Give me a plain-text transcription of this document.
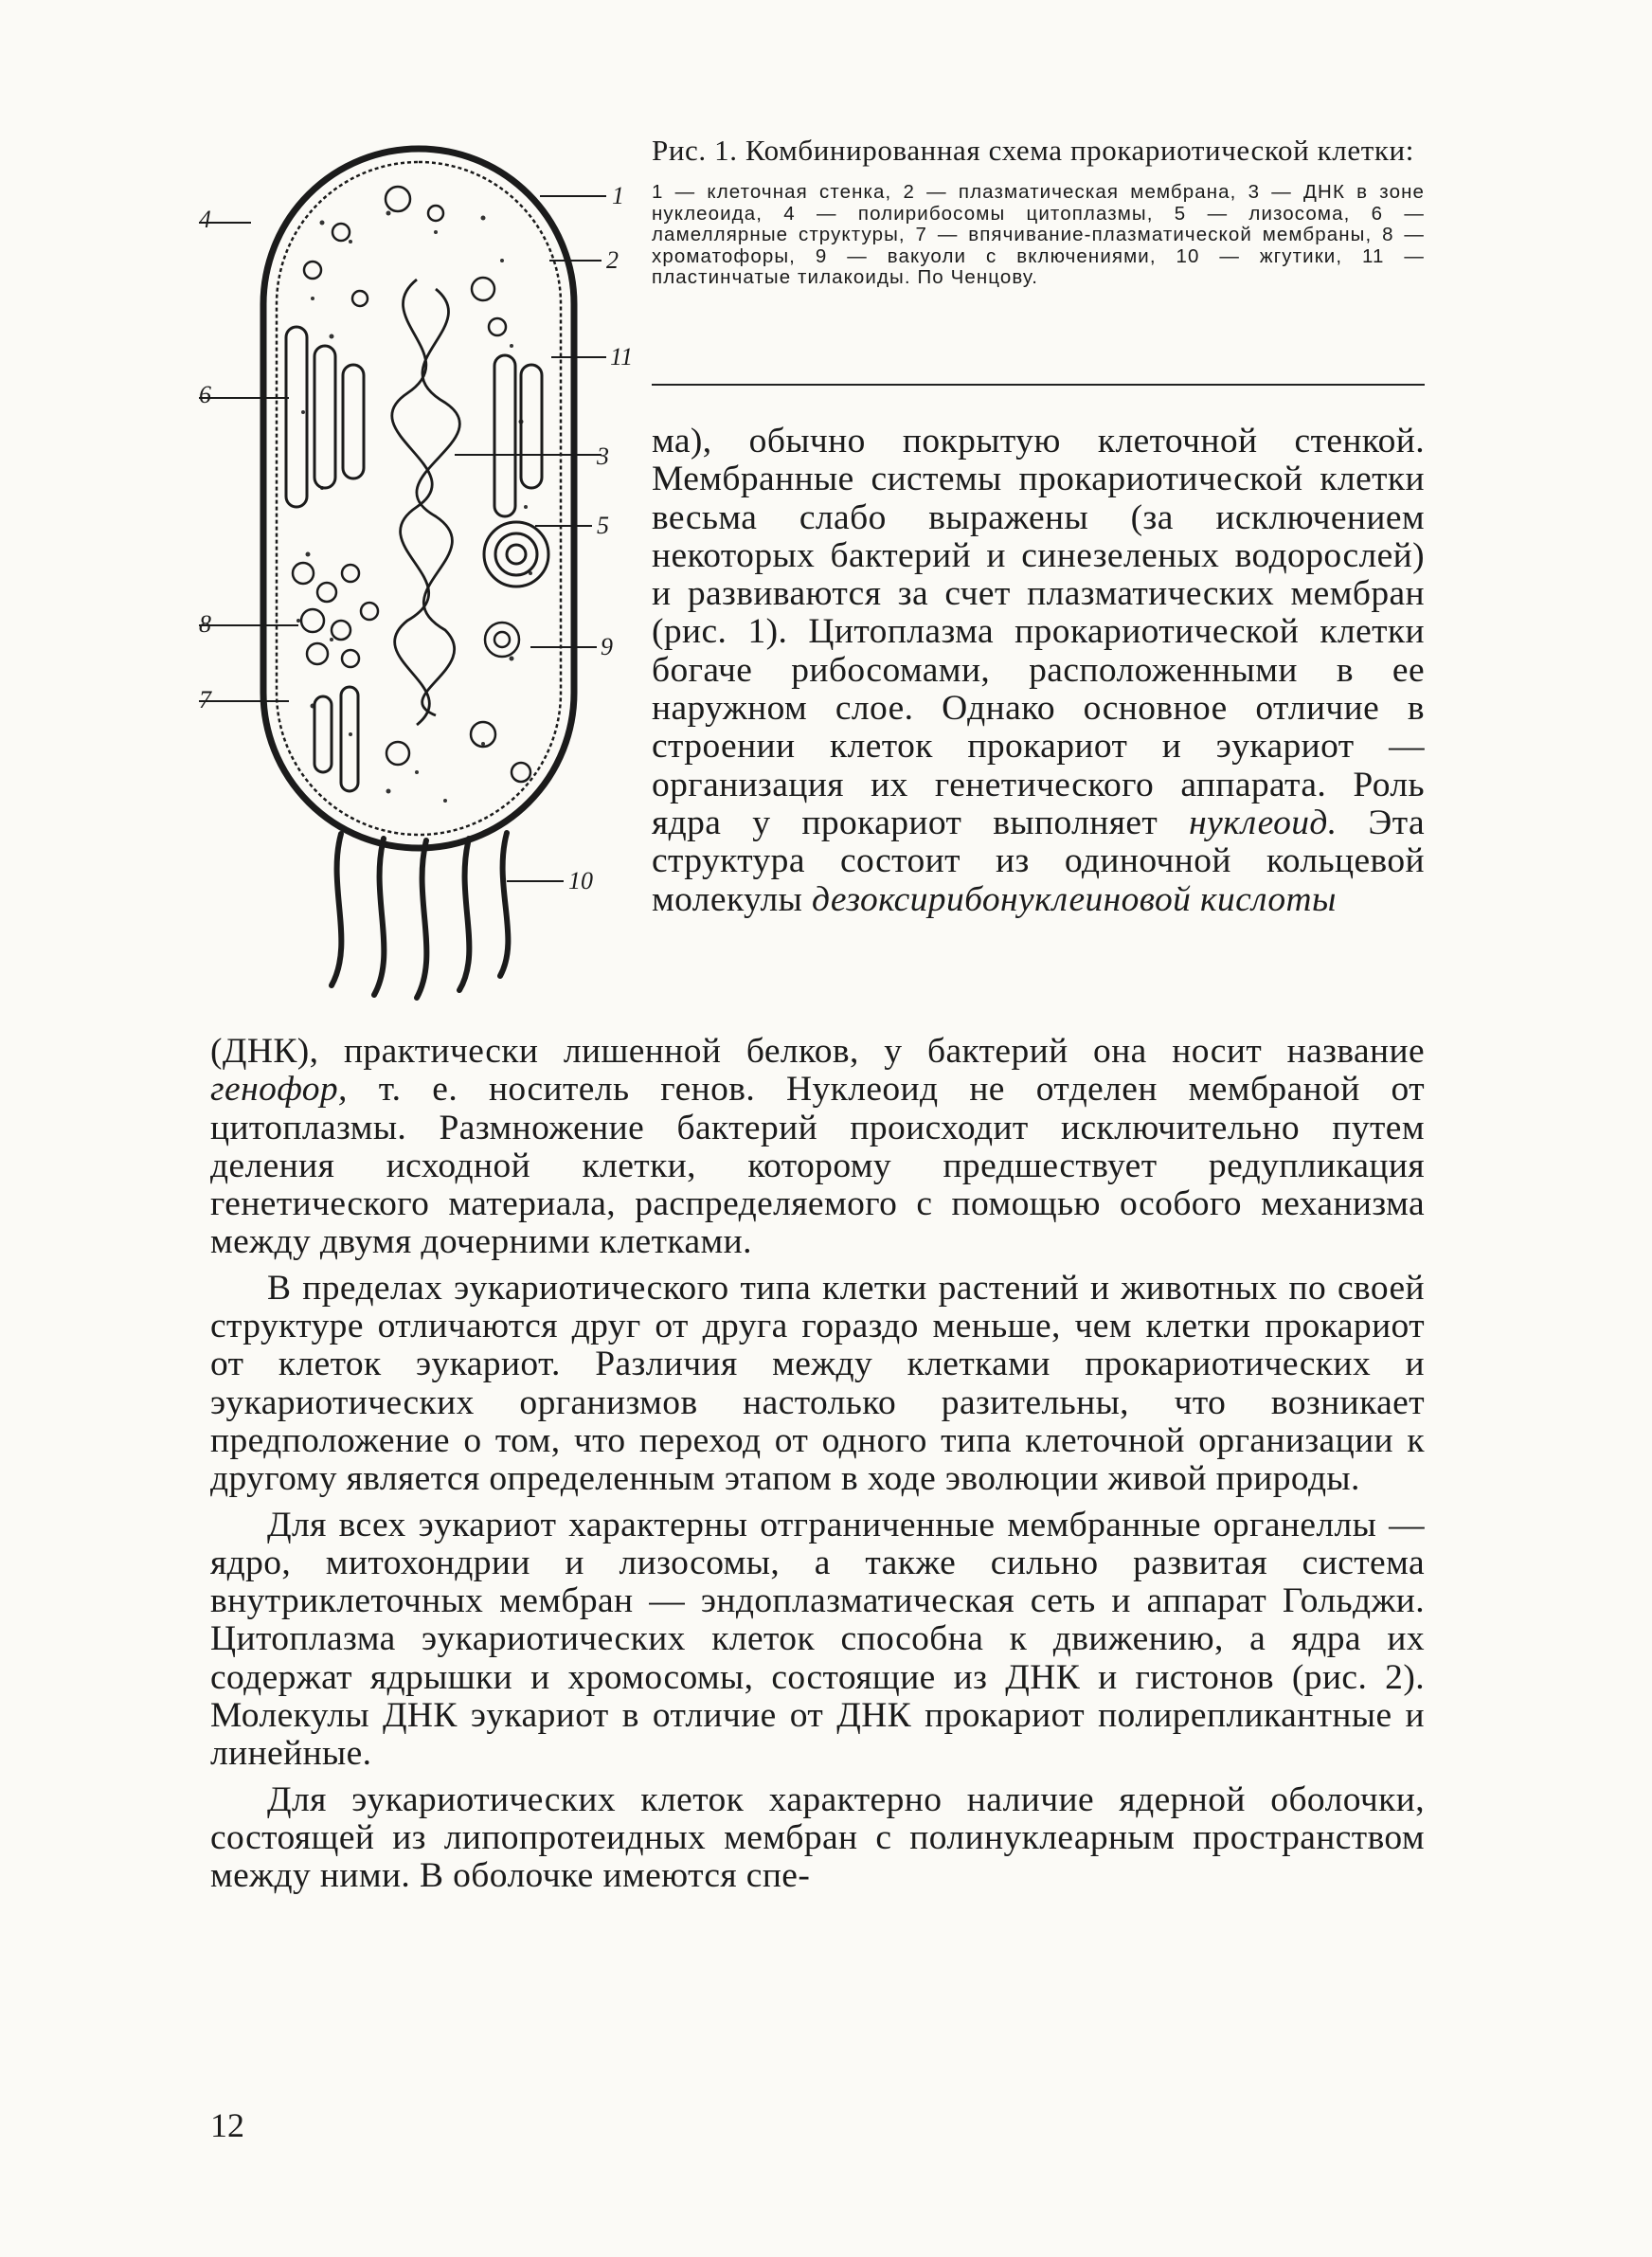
1
2
3
4
5
6
7
8
9
10
11

Рис. 1. Комбинированная схема прокариотической клетки:

1 — клеточная стенка, 2 — плазматическая мембрана, 3 — ДНК в зоне нуклеоида, 4 — полирибосомы цитоплазмы, 5 — лизосома, 6 — ламеллярные структуры, 7 — впячивание-плазматической мембраны, 8 — хроматофоры, 9 — вакуоли с включениями, 10 — жгутики, 11 — пластинчатые тилакоиды. По Ченцову.

ма), обычно покрытую клеточной стенкой. Мембранные системы прокариотической клетки весьма слабо выражены (за исключением некоторых бактерий и синезеленых водорослей) и развиваются за счет плазматических мембран (рис. 1). Цитоплазма прокариотической клетки богаче рибосомами, расположенными в ее наружном слое. Однако основное отличие в строении клеток прокариот и эукариот — организация их генетического аппарата. Роль ядра у прокариот выполняет нуклеоид. Эта структура состоит из одиночной кольцевой молекулы дезоксирибонуклеиновой кислоты

(ДНК), практически лишенной белков, у бактерий она носит название генофор, т. е. носитель генов. Нуклеоид не отделен мембраной от цитоплазмы. Размножение бактерий происходит исключительно путем деления исходной клетки, которому предшествует редупликация генетического материала, распределяемого с помощью особого механизма между двумя дочерними клетками.

В пределах эукариотического типа клетки растений и животных по своей структуре отличаются друг от друга гораздо меньше, чем клетки прокариот от клеток эукариот. Различия между клетками прокариотических и эукариотических организмов настолько разительны, что возникает предположение о том, что переход от одного типа клеточной организации к другому является определенным этапом в ходе эволюции живой природы.

Для всех эукариот характерны отграниченные мембранные органеллы — ядро, митохондрии и лизосомы, а также сильно развитая система внутриклеточных мембран — эндоплазматическая сеть и аппарат Гольджи. Цитоплазма эукариотических клеток способна к движению, а ядра их содержат ядрышки и хромосомы, состоящие из ДНК и гистонов (рис. 2). Молекулы ДНК эукариот в отличие от ДНК прокариот полирепликантные и линейные.

Для эукариотических клеток характерно наличие ядерной оболочки, состоящей из липопротеидных мембран с полинуклеарным пространством между ними. В оболочке имеются спе-

12
